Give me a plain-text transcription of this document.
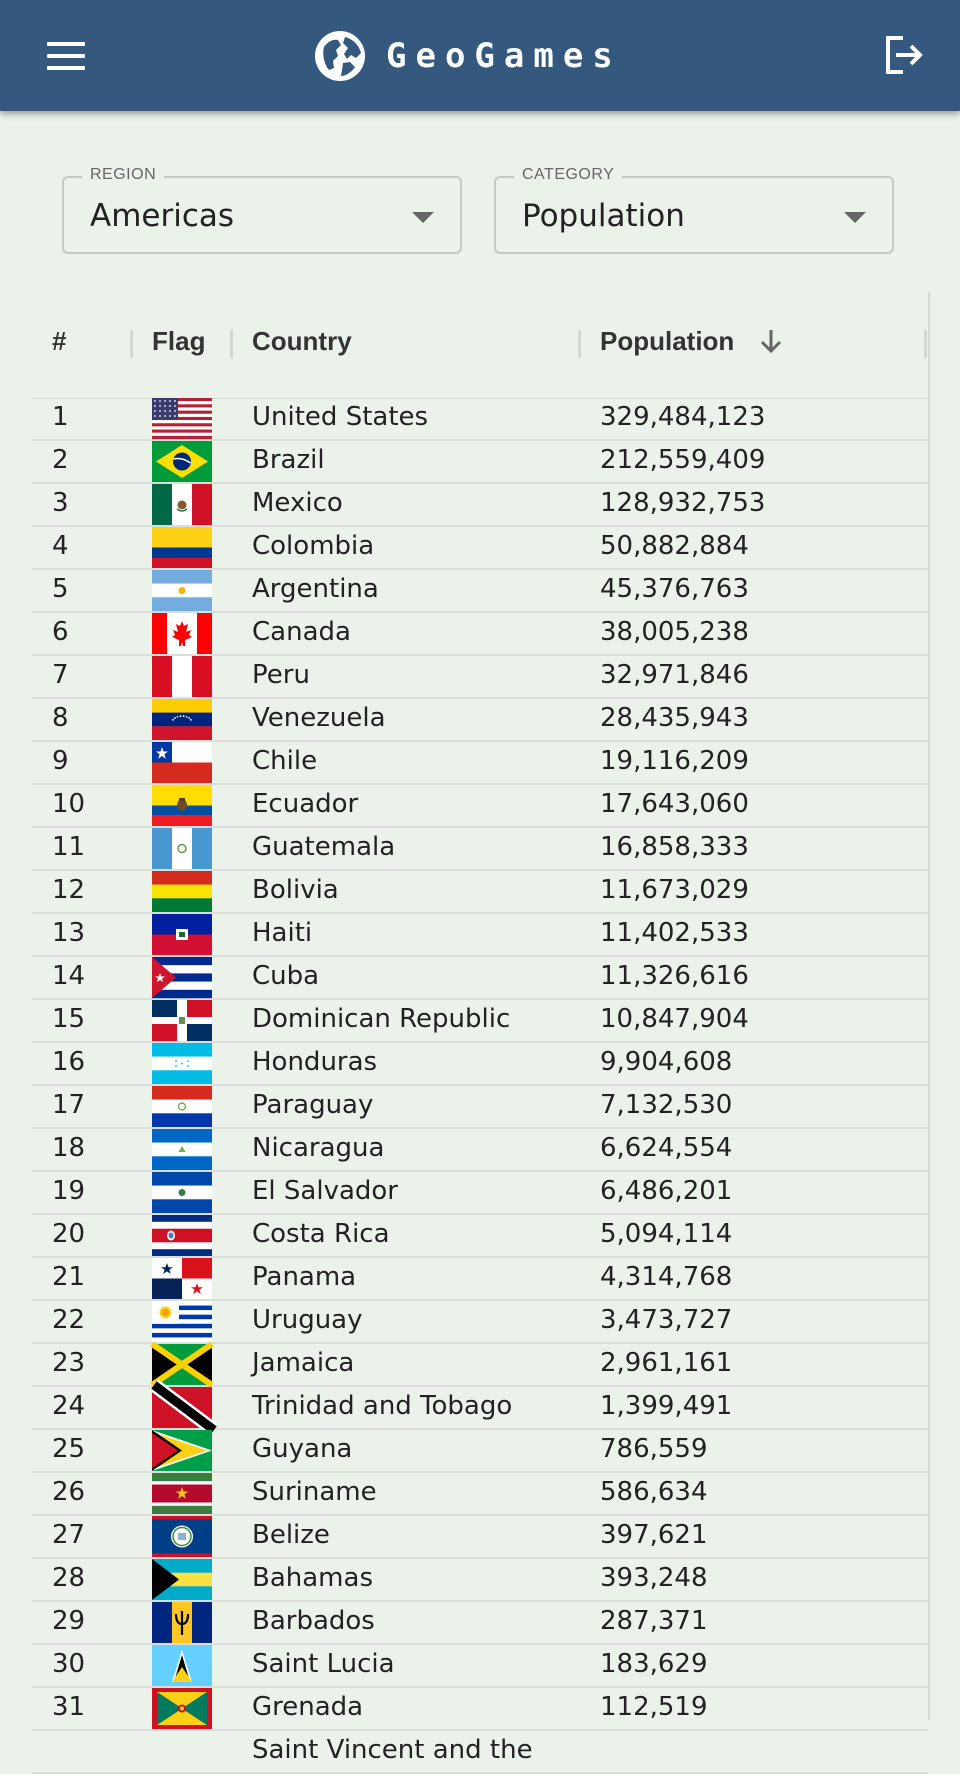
GeoGames
REGION
Americas
CATEGORY
Population
#	Flag Country	Population
1	United States	329,484,123
2	Brazil	212,559,409
3	Mexico	128,932,753
4	Colombia	50,882,884
5	Argentina	45,376,763
6	Canada	38,005,238
7	Peru	32,971,846
8	Venezuela	28,435,943
9	Chile	19,116,209
10	Ecuador	17,643,060
11	Guatemala	16,858,333
12	Bolivia	11,673,029
13	Haiti	11,402,533
14	Cuba	11,326,616
15	Dominican Republic	10,847,904
16	Honduras	9,904,608
17	Paraguay	7,132,530
18	Nicaragua	6,624,554
19	El Salvador	6,486,201
20	Costa Rica	5,094,114
21	Panama	4,314,768
22	Uruguay	3,473,727
23	Jamaica	2,961,161
24	Trinidad and Tobago	1,399,491
25	Guyana	786,559
26	Suriname	586,634
27	Belize	397,621
28	Bahamas	393,248
29	Barbados	287,371
30	Saint Lucia	183,629
31	Grenada	112,519
Saint Vincent and the
